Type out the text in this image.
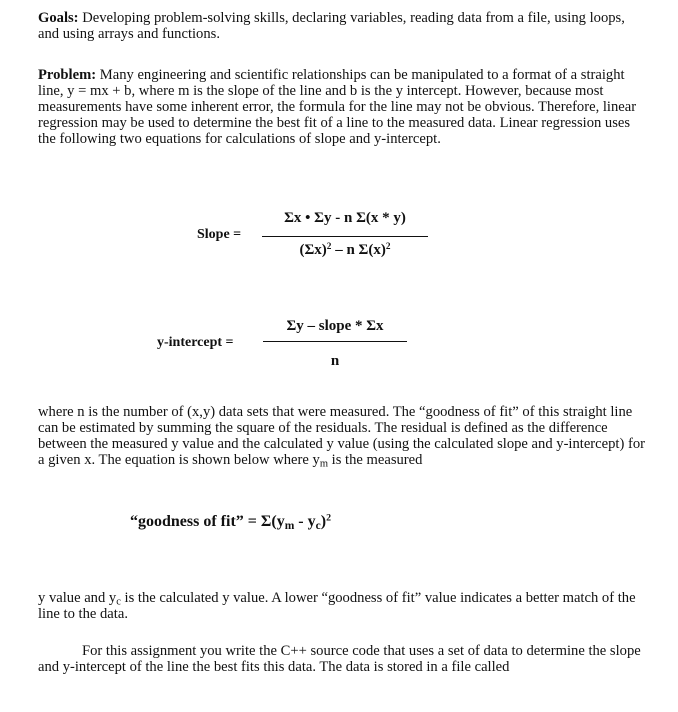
Goals: Developing problem-solving skills, declaring variables, reading data from a file, using loops, and using arrays and functions.

Problem: Many engineering and scientific relationships can be manipulated to a format of a straight line, y = mx + b, where m is the slope of the line and b is the y intercept. However, because most measurements have some inherent error, the formula for the line may not be obvious. Therefore, linear regression may be used to determine the best fit of a line to the measured data. Linear regression uses the following two equations for calculations of slope and y-intercept.

Slope =
Σx • Σy - n Σ(x * y)
$(\Sigma x)^2$ – n $\Sigma(x)^2$
y-intercept =
Σy – slope * Σx
n

where n is the number of (x,y) data sets that were measured. The “goodness of fit” of this straight line can be estimated by summing the square of the residuals. The residual is defined as the difference between the measured y value and the calculated y value (using the calculated slope and y-intercept) for a given x. The equation is shown below where $y_m$ is the measured

“goodness of fit” = $\Sigma(y_m - y_c)^2$

y value and $y_c$ is the calculated y value. A lower “goodness of fit” value indicates a better match of the line to the data.

For this assignment you write the C++ source code that uses a set of data to determine the slope and y-intercept of the line the best fits this data. The data is stored in a file called
